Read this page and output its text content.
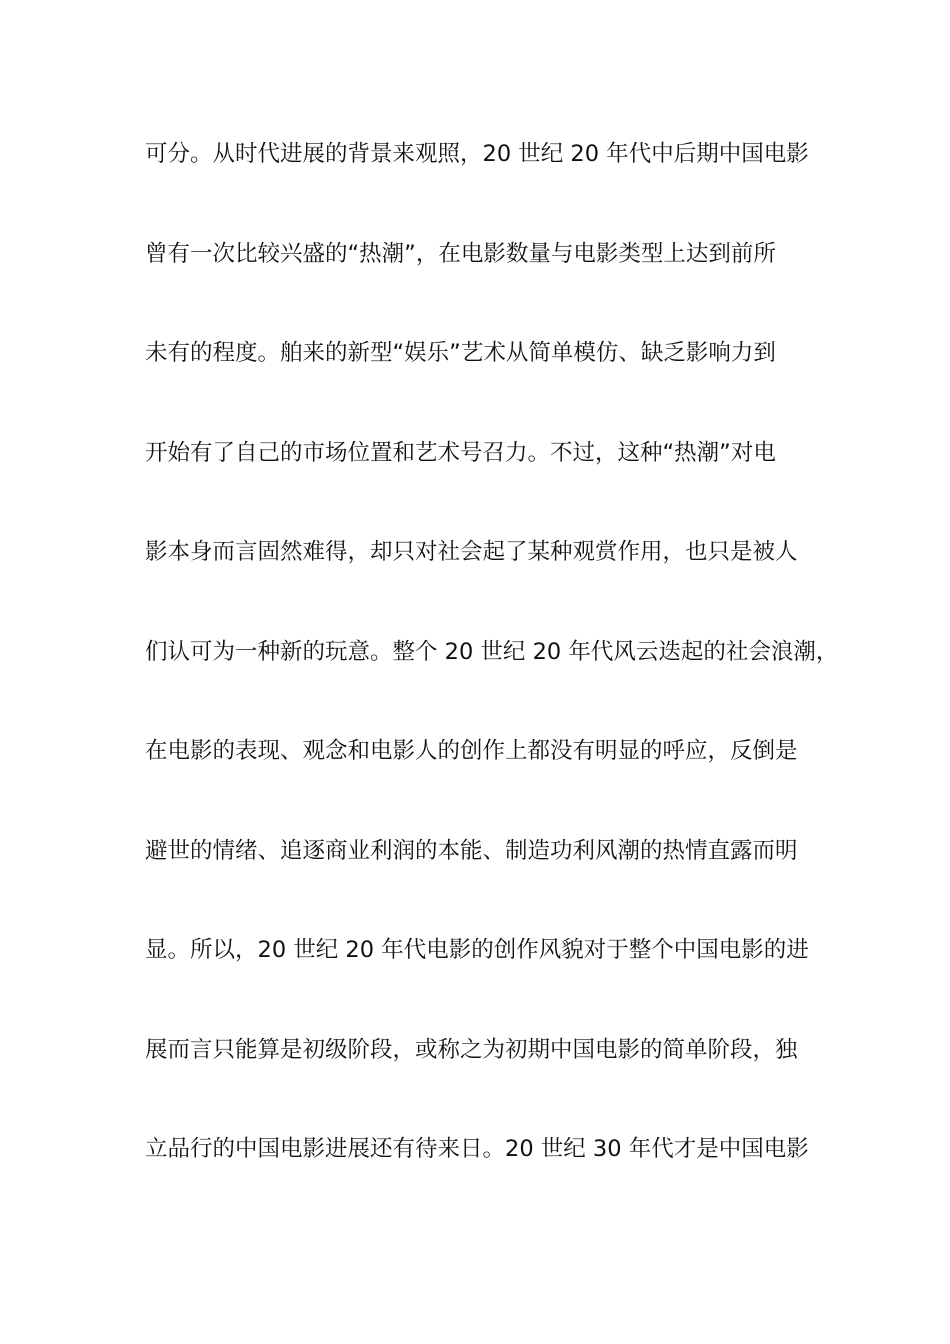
可分。从时代进展的背景来观照，20 世纪 20 年代中后期中国电影
曾有一次比较兴盛的“热潮”，在电影数量与电影类型上达到前所
未有的程度。舶来的新型“娱乐”艺术从简单模仿、缺乏影响力到
开始有了自己的市场位置和艺术号召力。不过，这种“热潮”对电
影本身而言固然难得，却只对社会起了某种观赏作用，也只是被人
们认可为一种新的玩意。整个 20 世纪 20 年代风云迭起的社会浪潮，
在电影的表现、观念和电影人的创作上都没有明显的呼应，反倒是
避世的情绪、追逐商业利润的本能、制造功利风潮的热情直露而明
显。所以，20 世纪 20 年代电影的创作风貌对于整个中国电影的进
展而言只能算是初级阶段，或称之为初期中国电影的简单阶段，独
立品行的中国电影进展还有待来日。20 世纪 30 年代才是中国电影
